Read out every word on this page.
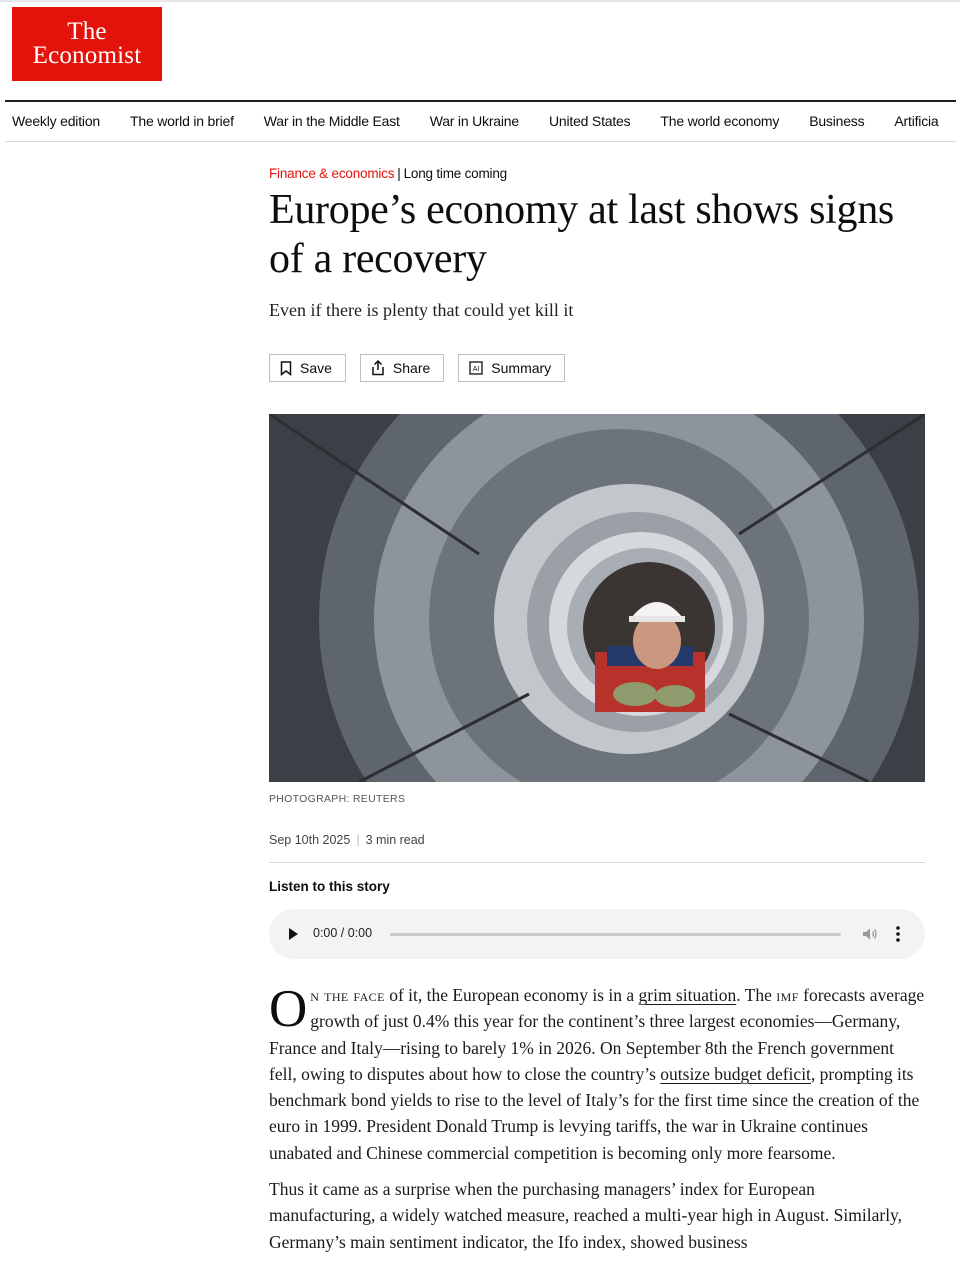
The
Economist
Weekly edition The world in brief War in the Middle East War in Ukraine United States The world economy Business Artificia
Finance & economics | Long time coming
Europe’s economy at last shows signs of a recovery
Even if there is plenty that could yet kill it
Save	Share	AI Summary
PHOTOGRAPH: REUTERS
Sep 10th 2025 | 3 min read
Listen to this story
0:00 / 0:00

On the face of it, the European economy is in a grim situation. The imf forecasts average growth of just 0.4% this year for the continent’s three largest economies—Germany, France and Italy—rising to barely 1% in 2026. On September 8th the French government fell, owing to disputes about how to close the country’s outsize budget deficit, prompting its benchmark bond yields to rise to the level of Italy’s for the first time since the creation of the euro in 1999. President Donald Trump is levying tariffs, the war in Ukraine continues unabated and Chinese commercial competition is becoming only more fearsome.

Thus it came as a surprise when the purchasing managers’ index for European manufacturing, a widely watched measure, reached a multi-year high in August. Similarly, Germany’s main sentiment indicator, the Ifo index, showed business
